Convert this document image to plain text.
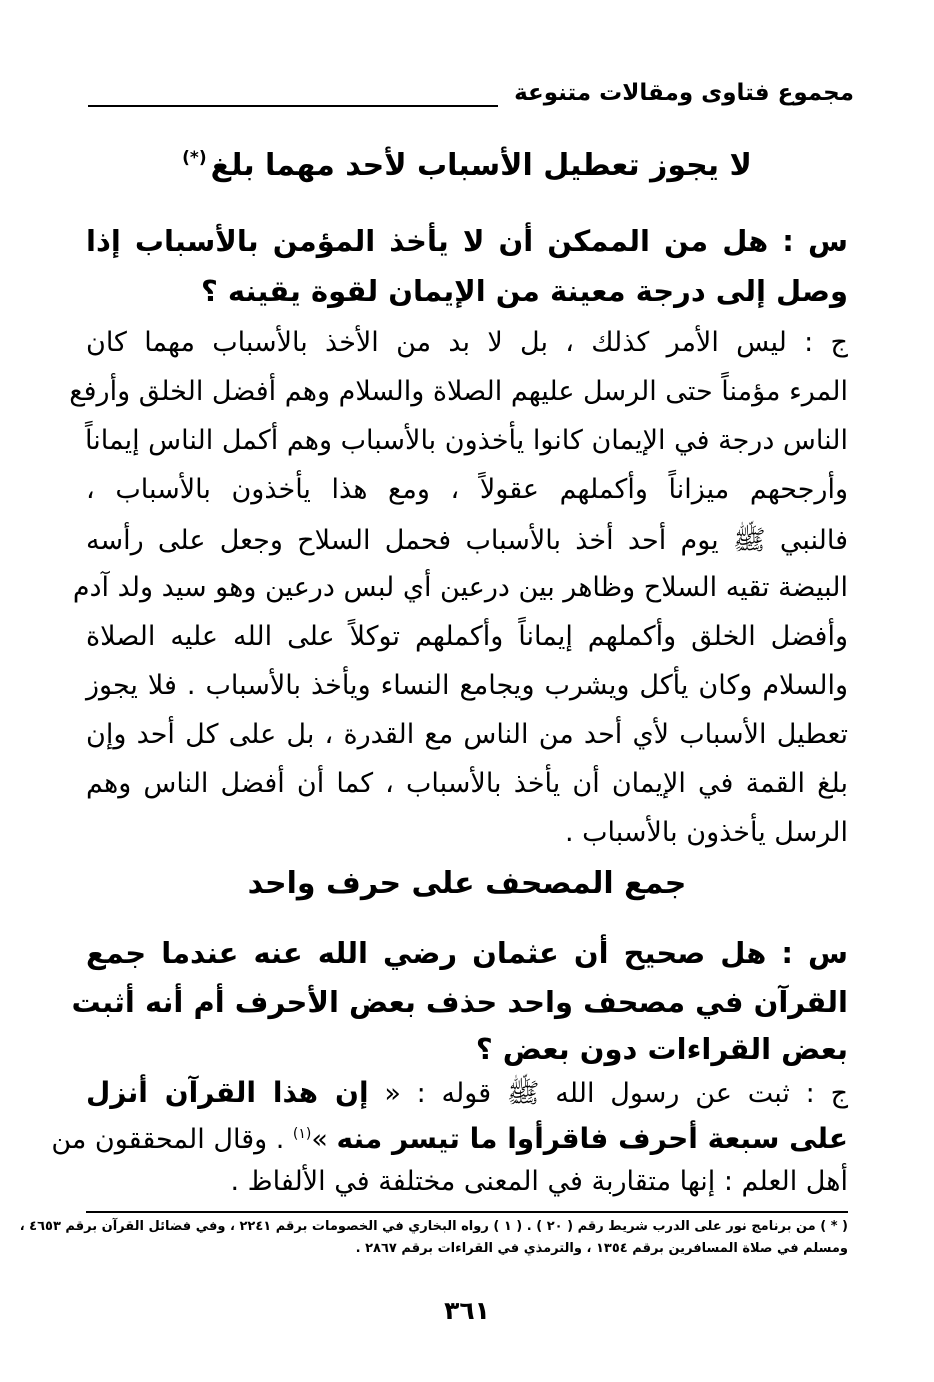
مجموع فتاوى ومقالات متنوعة
لا يجوز تعطيل الأسباب لأحد مهما بلغ(*)
س : هل من الممكن أن لا يأخذ المؤمن بالأسباب إذا
وصل إلى درجة معينة من الإيمان لقوة يقينه ؟
ج : ليس الأمر كذلك ، بل لا بد من الأخذ بالأسباب مهما كان
المرء مؤمناً حتى الرسل عليهم الصلاة والسلام وهم أفضل الخلق وأرفع
الناس درجة في الإيمان كانوا يأخذون بالأسباب وهم أكمل الناس إيماناً
وأرجحهم ميزاناً وأكملهم عقولاً ، ومع هذا يأخذون بالأسباب ،
فالنبي ﷺ يوم أحد أخذ بالأسباب فحمل السلاح وجعل على رأسه
البيضة تقيه السلاح وظاهر بين درعين أي لبس درعين وهو سيد ولد آدم
وأفضل الخلق وأكملهم إيماناً وأكملهم توكلاً على الله عليه الصلاة
والسلام وكان يأكل ويشرب ويجامع النساء ويأخذ بالأسباب . فلا يجوز
تعطيل الأسباب لأي أحد من الناس مع القدرة ، بل على كل أحد وإن
بلغ القمة في الإيمان أن يأخذ بالأسباب ، كما أن أفضل الناس وهم
الرسل يأخذون بالأسباب .
جمع المصحف على حرف واحد
س : هل صحيح أن عثمان رضي الله عنه عندما جمع
القرآن في مصحف واحد حذف بعض الأحرف أم أنه أثبت
بعض القراءات دون بعض ؟
ج : ثبت عن رسول الله ﷺ قوله : « إن هذا القرآن أنزل
على سبعة أحرف فاقرأوا ما تيسر منه »$^{(١)}$ . وقال المحققون من
أهل العلم : إنها متقاربة في المعنى مختلفة في الألفاظ .
( * ) من برنامج نور على الدرب شريط رقم ( ٢٠ ) . ( ١ ) رواه البخاري في الخصومات برقم ٢٢٤١ ، وفي فضائل القرآن برقم ٤٦٥٣ ،
ومسلم في صلاة المسافرين برقم ١٣٥٤ ، والترمذي في القراءات برقم ٢٨٦٧ .
٣٦١
